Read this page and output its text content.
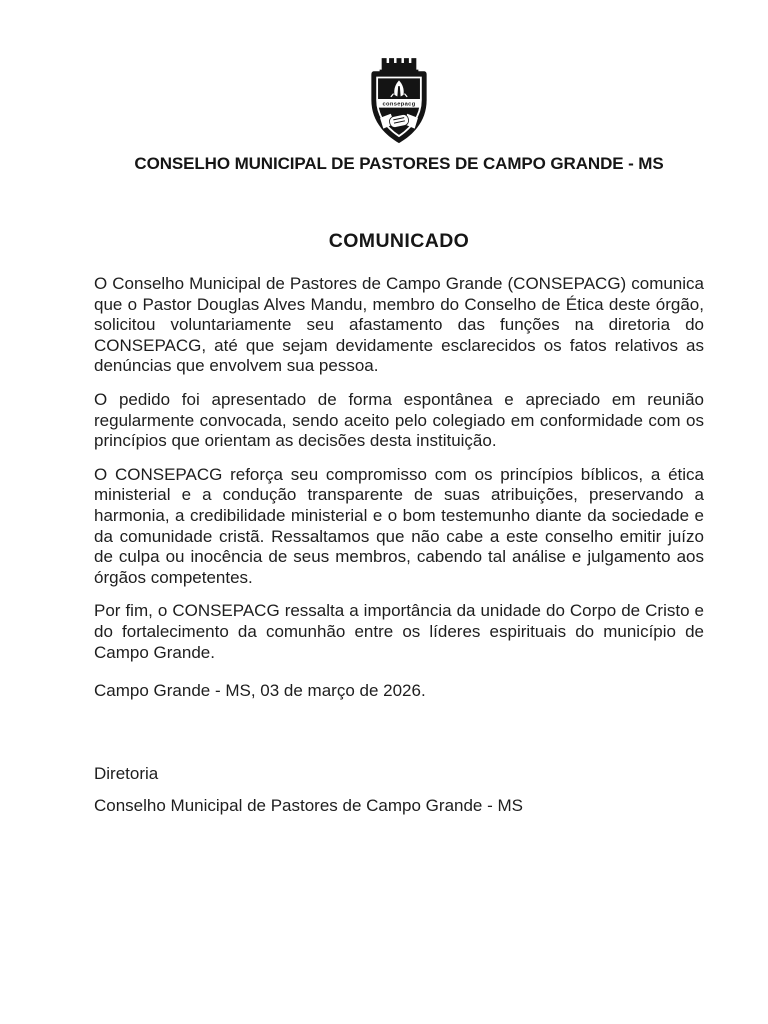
consepacg
CONSELHO MUNICIPAL DE PASTORES DE CAMPO GRANDE - MS
COMUNICADO

O Conselho Municipal de Pastores de Campo Grande (CONSEPACG) comunica que o Pastor Douglas Alves Mandu, membro do Conselho de Ética deste órgão, solicitou voluntariamente seu afastamento das funções na diretoria do CONSEPACG, até que sejam devidamente esclarecidos os fatos relativos as denúncias que envolvem sua pessoa.

O pedido foi apresentado de forma espontânea e apreciado em reunião regularmente convocada, sendo aceito pelo colegiado em conformidade com os princípios que orientam as decisões desta instituição.

O CONSEPACG reforça seu compromisso com os princípios bíblicos, a ética ministerial e a condução transparente de suas atribuições, preservando a harmonia, a credibilidade ministerial e o bom testemunho diante da sociedade e da comunidade cristã. Ressaltamos que não cabe a este conselho emitir juízo de culpa ou inocência de seus membros, cabendo tal análise e julgamento aos órgãos competentes.

Por fim, o CONSEPACG ressalta a importância da unidade do Corpo de Cristo e do fortalecimento da comunhão entre os líderes espirituais do município de Campo Grande.

Campo Grande - MS, 03 de março de 2026.
Diretoria
Conselho Municipal de Pastores de Campo Grande - MS
